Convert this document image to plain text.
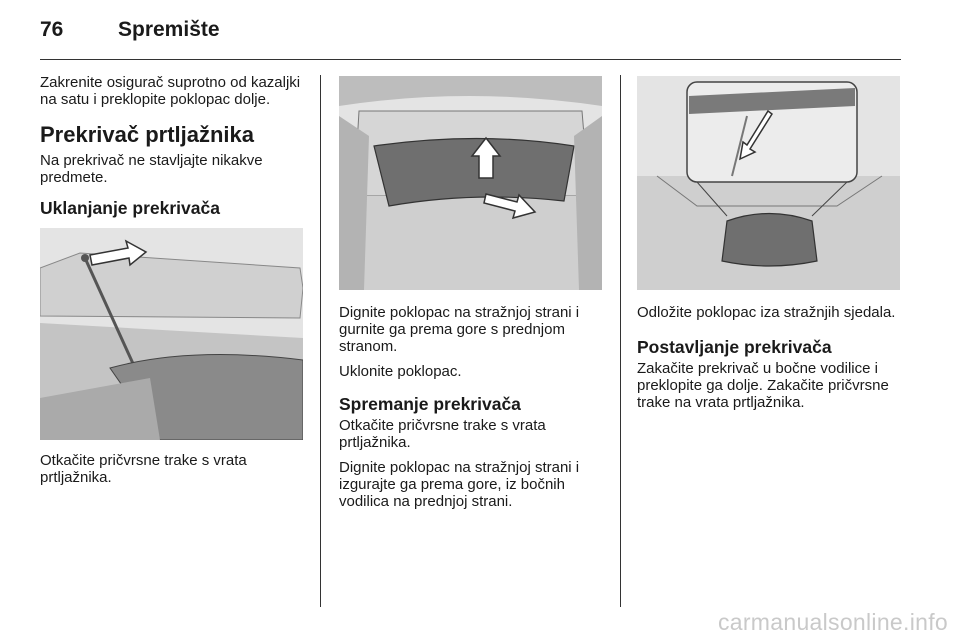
76	Spremište

Zakrenite osigurač suprotno od kazaljki na satu i preklopite poklopac dolje.

Prekrivač prtljažnika

Na prekrivač ne stavljajte nikakve predmete.

Uklanjanje prekrivača

Otkačite pričvrsne trake s vrata prtljažnika.

Dignite poklopac na stražnjoj strani i gurnite ga prema gore s prednjom stranom.

Uklonite poklopac.

Spremanje prekrivača

Otkačite pričvrsne trake s vrata prtljažnika.

Dignite poklopac na stražnjoj strani i izgurajte ga prema gore, iz bočnih vodilica na prednjoj strani.

Odložite poklopac iza stražnjih sjedala.

Postavljanje prekrivača

Zakačite prekrivač u bočne vodilice i preklopite ga dolje. Zakačite pričvrsne trake na vrata prtljažnika.

carmanualsonline.info
